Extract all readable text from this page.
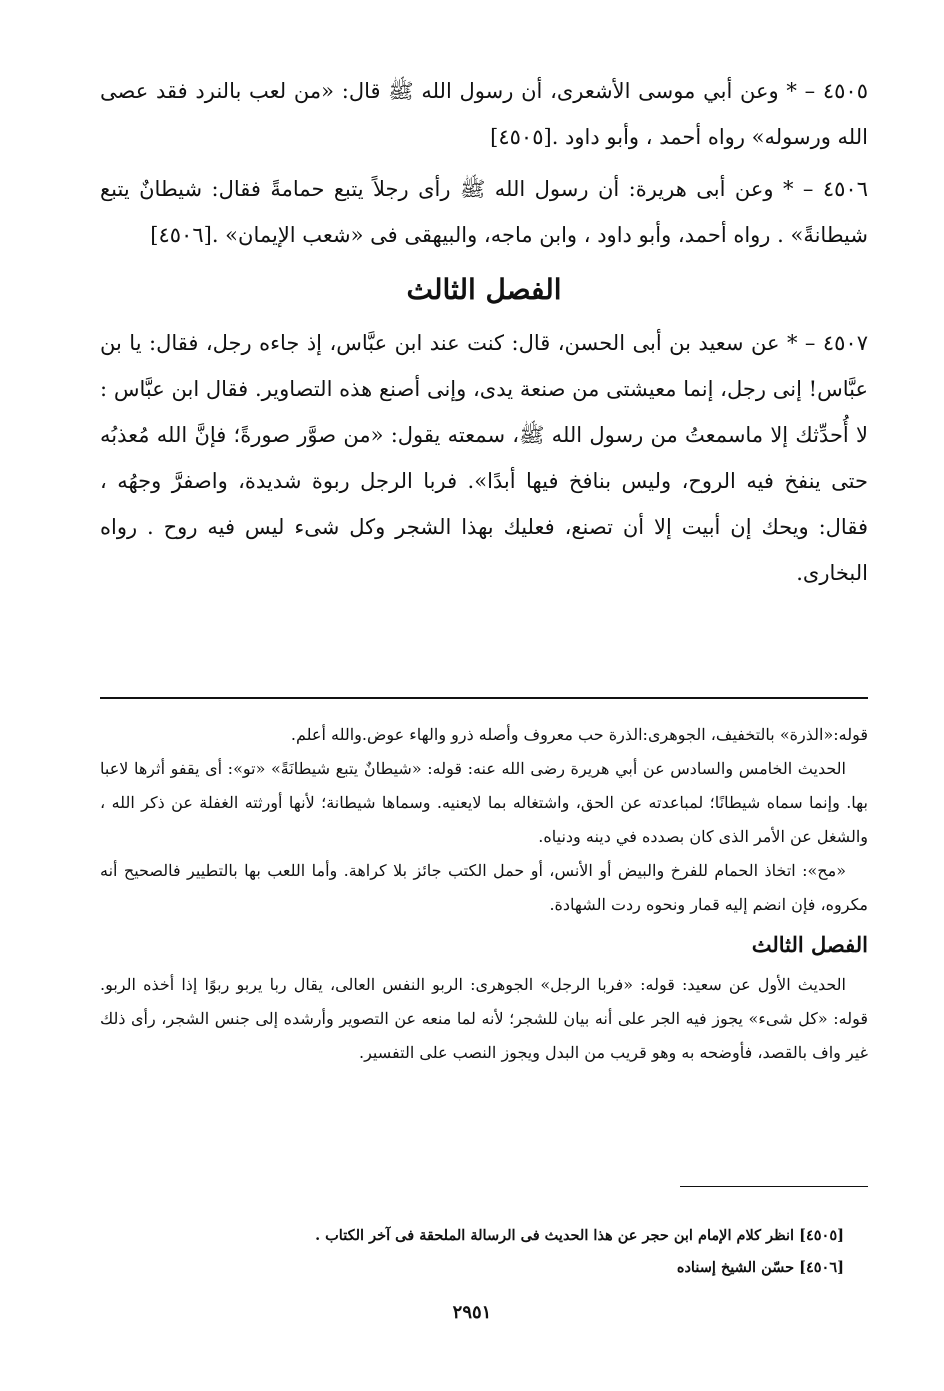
٤٥٠٥ – * وعن أبي موسى الأشعرى، أن رسول الله ﷺ قال: «من لعب بالنرد فقد عصى الله ورسوله» رواه أحمد ، وأبو داود .[٤٥٠٥]

٤٥٠٦ – * وعن أبى هريرة: أن رسول الله ﷺ رأى رجلاً يتبع حمامةً فقال: شيطانٌ يتبع شيطانةً» . رواه أحمد، وأبو داود ، وابن ماجه، والبيهقى فى «شعب الإيمان» .[٤٥٠٦]

الفصل الثالث

٤٥٠٧ – * عن سعيد بن أبى الحسن، قال: كنت عند ابن عبَّاس، إذ جاءه رجل، فقال: يا بن عبَّاس! إنى رجل، إنما معيشتى من صنعة يدى، وإنى أصنع هذه التصاوير. فقال ابن عبَّاس : لا أُحدِّثك إلا ماسمعتُ من رسول الله ﷺ، سمعته يقول: «من صوَّر صورةً؛ فإنَّ الله مُعذبُه حتى ينفخ فيه الروح، وليس بنافخ فيها أبدًا». فربا الرجل ربوة شديدة، واصفرَّ وجهُه ، فقال: ويحك إن أبيت إلا أن تصنع، فعليك بهذا الشجر وكل شىء ليس فيه روح . رواه البخارى.

قوله:«الذرة» بالتخفيف، الجوهرى:الذرة حب معروف وأصله ذرو والهاء عوض.والله أعلم.

الحديث الخامس والسادس عن أبي هريرة رضى الله عنه: قوله: «شيطانٌ يتبع شيطانَةً» «تو»: أى يقفو أثرها لاعبا بها. وإنما سماه شيطانًا؛ لمباعدته عن الحق، واشتغاله بما لايعنيه. وسماها شيطانة؛ لأنها أورثته الغفلة عن ذكر الله ، والشغل عن الأمر الذى كان بصدده في دينه ودنياه.

«مح»: اتخاذ الحمام للفرخ والبيض أو الأنس، أو حمل الكتب جائز بلا كراهة. وأما اللعب بها بالتطيير فالصحيح أنه مكروه، فإن انضم إليه قمار ونحوه ردت الشهادة.

الفصل الثالث

الحديث الأول عن سعيد: قوله: «فربا الرجل» الجوهرى: الربو النفس العالى، يقال ربا يربو ربوًا إذا أخذه الربو. قوله: «كل شىء» يجوز فيه الجر على أنه بيان للشجر؛ لأنه لما منعه عن التصوير وأرشده إلى جنس الشجر، رأى ذلك غير واف بالقصد، فأوضحه به وهو قريب من البدل ويجوز النصب على التفسير.

[٤٥٠٥] انظر كلام الإمام ابن حجر عن هذا الحديث فى الرسالة الملحقة فى آخر الكتاب .

[٤٥٠٦] حسّن الشيخ إسناده

٢٩٥١
